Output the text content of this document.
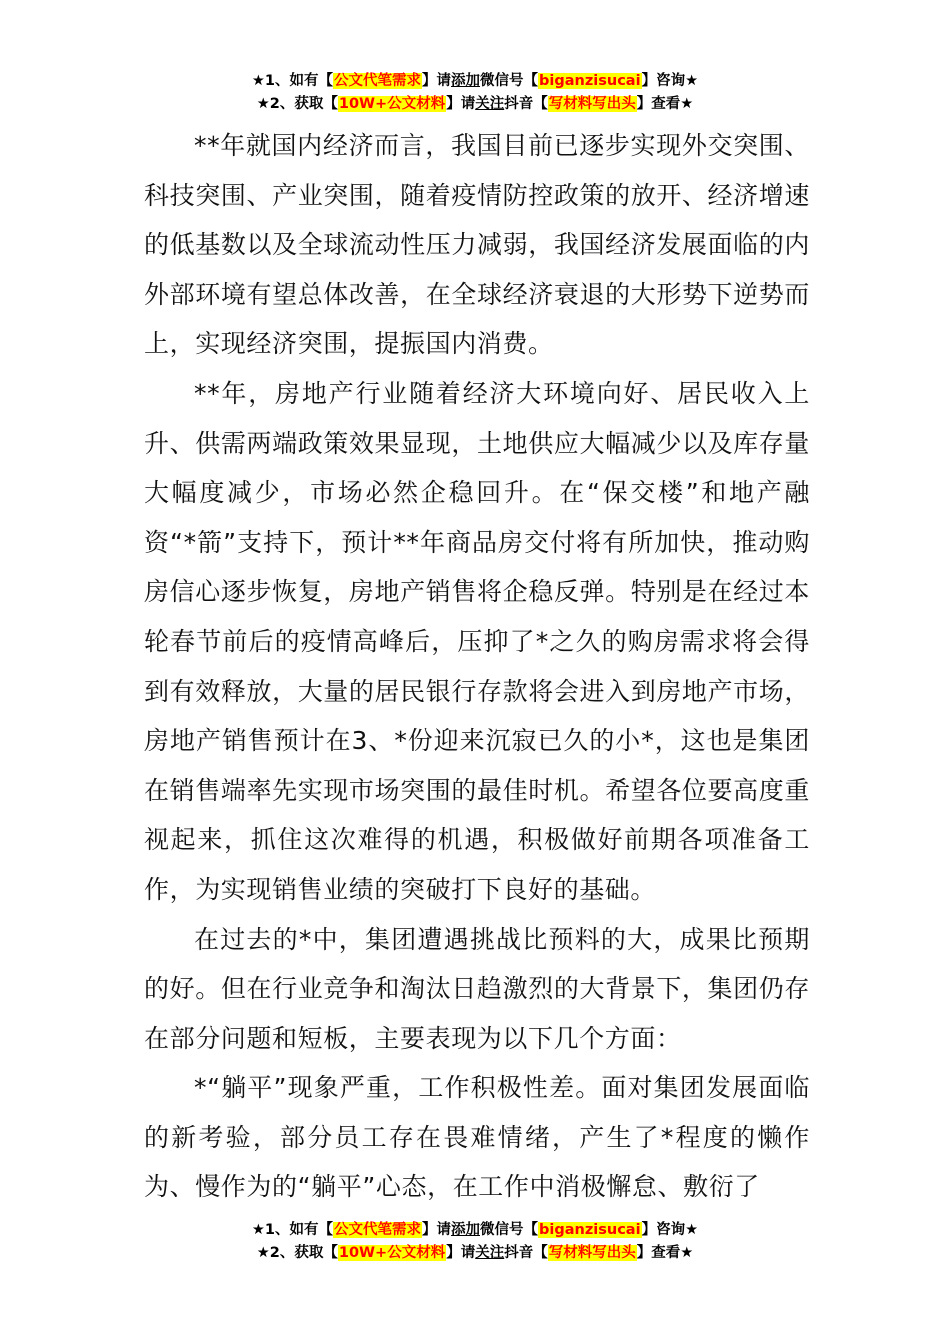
★1、如有【公文代笔需求】请添加微信号【biganzisucai】咨询★
★2、获取【10W+公文材料】请关注抖音【写材料写出头】查看★

**年就国内经济而言，我国目前已逐步实现外交突围、科技突围、产业突围，随着疫情防控政策的放开、经济增速的低基数以及全球流动性压力减弱，我国经济发展面临的内外部环境有望总体改善，在全球经济衰退的大形势下逆势而上，实现经济突围，提振国内消费。

**年，房地产行业随着经济大环境向好、居民收入上升、供需两端政策效果显现，土地供应大幅减少以及库存量大幅度减少，市场必然企稳回升。在“保交楼”和地产融资“*箭”支持下，预计**年商品房交付将有所加快，推动购房信心逐步恢复，房地产销售将企稳反弹。特别是在经过本轮春节前后的疫情高峰后，压抑了*之久的购房需求将会得到有效释放，大量的居民银行存款将会进入到房地产市场，房地产销售预计在3、*份迎来沉寂已久的小*，这也是集团在销售端率先实现市场突围的最佳时机。希望各位要高度重视起来，抓住这次难得的机遇，积极做好前期各项准备工作，为实现销售业绩的突破打下良好的基础。

在过去的*中，集团遭遇挑战比预料的大，成果比预期的好。但在行业竞争和淘汰日趋激烈的大背景下，集团仍存在部分问题和短板，主要表现为以下几个方面：

*“躺平”现象严重，工作积极性差。面对集团发展面临的新考验，部分员工存在畏难情绪，产生了*程度的懒作为、慢作为的“躺平”心态，在工作中消极懈怠、敷衍了

★1、如有【公文代笔需求】请添加微信号【biganzisucai】咨询★
★2、获取【10W+公文材料】请关注抖音【写材料写出头】查看★
